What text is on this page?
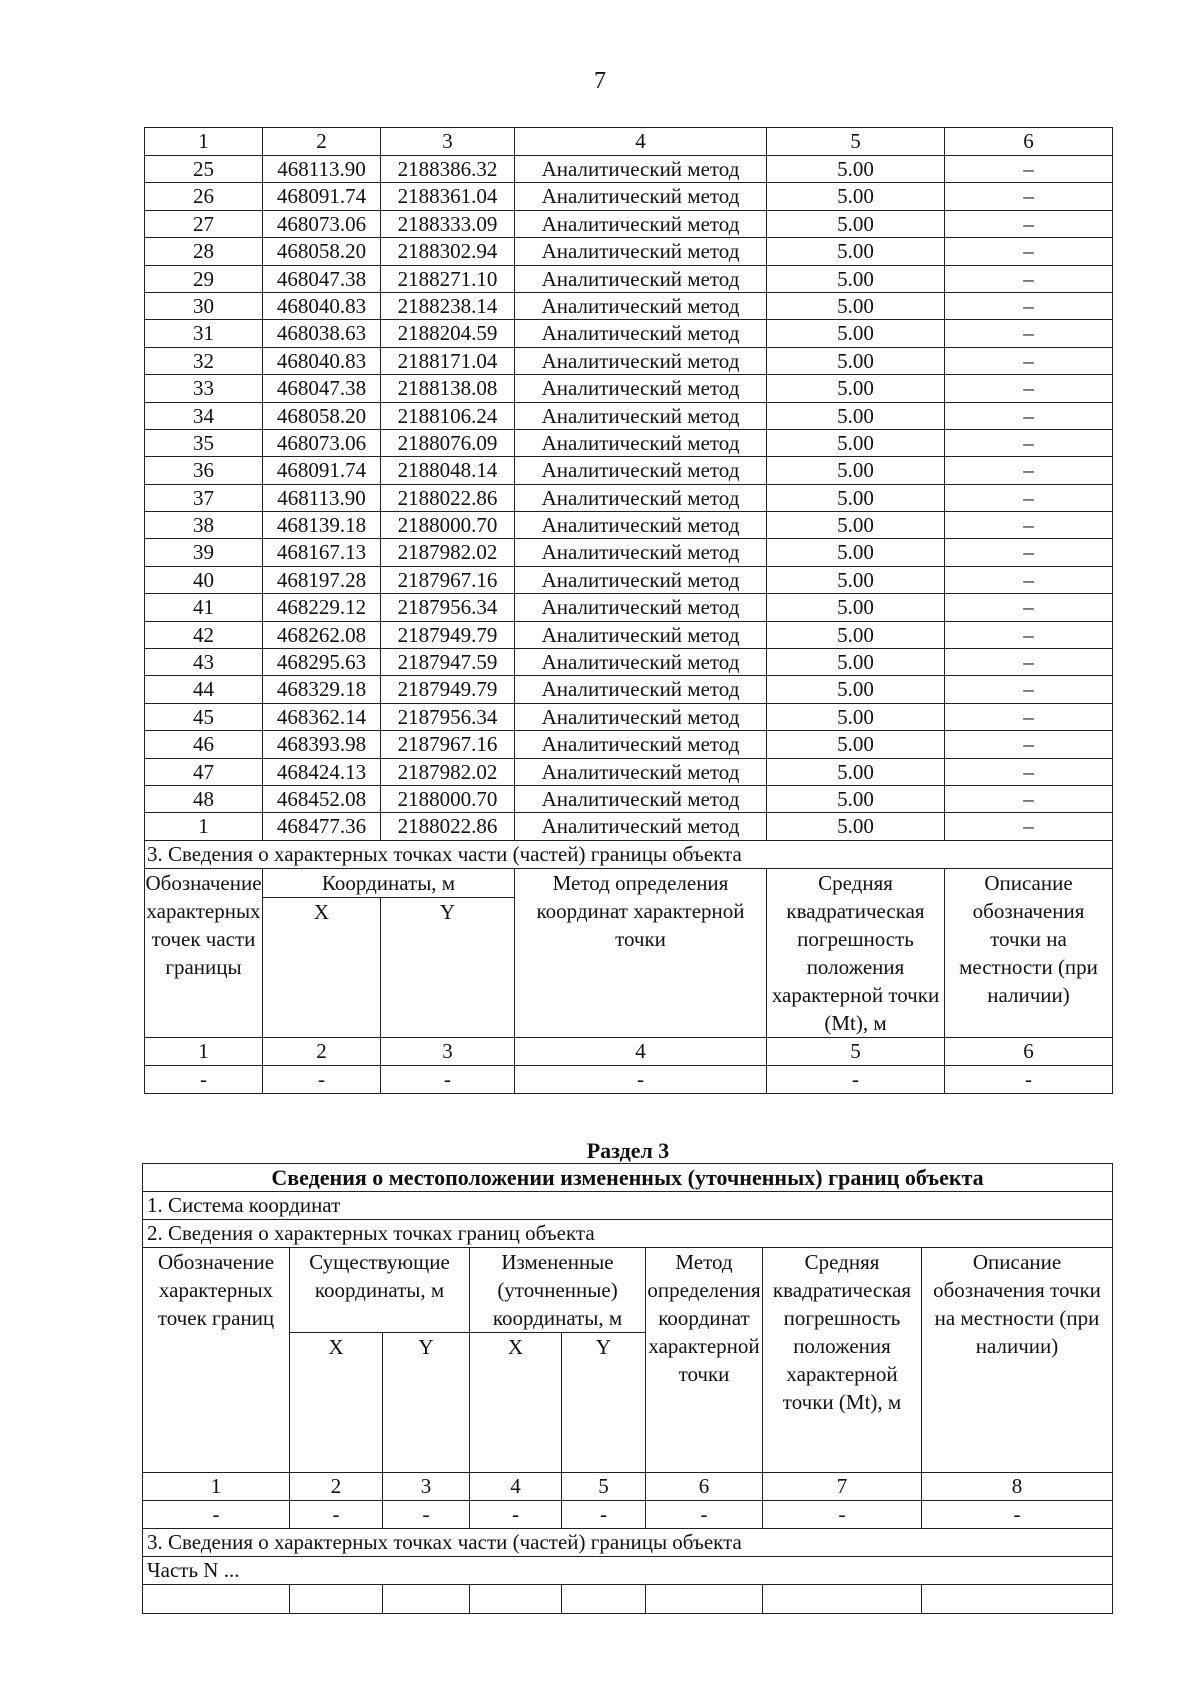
7
1	2	3	4	5	6
25	468113.90	2188386.32	Аналитический метод	5.00	–
26	468091.74	2188361.04	Аналитический метод	5.00	–
27	468073.06	2188333.09	Аналитический метод	5.00	–
28	468058.20	2188302.94	Аналитический метод	5.00	–
29	468047.38	2188271.10	Аналитический метод	5.00	–
30	468040.83	2188238.14	Аналитический метод	5.00	–
31	468038.63	2188204.59	Аналитический метод	5.00	–
32	468040.83	2188171.04	Аналитический метод	5.00	–
33	468047.38	2188138.08	Аналитический метод	5.00	–
34	468058.20	2188106.24	Аналитический метод	5.00	–
35	468073.06	2188076.09	Аналитический метод	5.00	–
36	468091.74	2188048.14	Аналитический метод	5.00	–
37	468113.90	2188022.86	Аналитический метод	5.00	–
38	468139.18	2188000.70	Аналитический метод	5.00	–
39	468167.13	2187982.02	Аналитический метод	5.00	–
40	468197.28	2187967.16	Аналитический метод	5.00	–
41	468229.12	2187956.34	Аналитический метод	5.00	–
42	468262.08	2187949.79	Аналитический метод	5.00	–
43	468295.63	2187947.59	Аналитический метод	5.00	–
44	468329.18	2187949.79	Аналитический метод	5.00	–
45	468362.14	2187956.34	Аналитический метод	5.00	–
46	468393.98	2187967.16	Аналитический метод	5.00	–
47	468424.13	2187982.02	Аналитический метод	5.00	–
48	468452.08	2188000.70	Аналитический метод	5.00	–
1	468477.36	2188022.86	Аналитический метод	5.00	–
3. Сведения о характерных точках части (частей) границы объекта					
Обозначение характерных точек части границы	Координаты, м		Метод определения координат характерной точки	Средняя квадратическая погрешность положения характерной точки (Mt), м	Описание обозначения точки на местности (при наличии)
	X	Y			
1	2	3	4	5	6
-	-	-	-	-	-
Раздел 3
Сведения о местоположении измененных (уточненных) границ объекта							
1. Система координат							
2. Сведения о характерных точках границ объекта							
Обозначение характерных точек границ	Существующие координаты, м		Измененные (уточненные) координаты, м		Метод определения координат характерной точки	Средняя квадратическая погрешность положения характерной точки (Mt), м	Описание обозначения точки на местности (при наличии)
	X	Y	X	Y			
1	2	3	4	5	6	7	8
-	-	-	-	-	-	-	-
3. Сведения о характерных точках части (частей) границы объекта							
Часть N ...							
